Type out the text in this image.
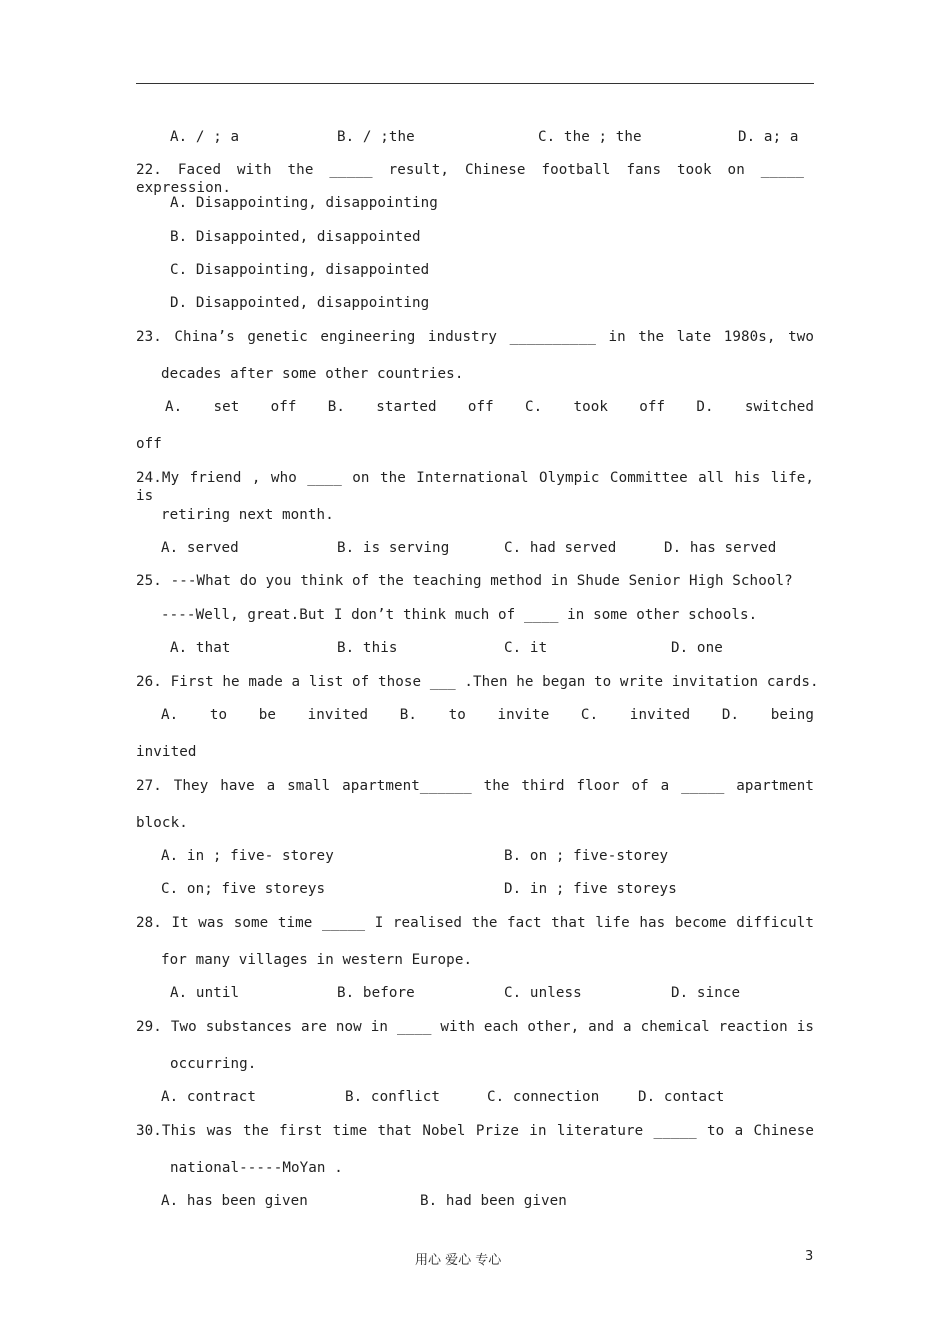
A. / ; a	B. / ;the	C. the ; the	D. a; a
22. Faced with the _____ result, Chinese football fans took on _____ expression.
A. Disappointing, disappointing
B. Disappointed, disappointed
C. Disappointing, disappointed
D. Disappointed, disappointing
23. China’s genetic engineering industry __________ in the late 1980s, two
decades after some other countries.
A. set off B. started off C. took off D. switched
off
24.My friend , who ____ on the International Olympic Committee all his life, is
retiring next month.
A. served	B. is serving	C. had served	D. has served
25. ---What do you think of the teaching method in Shude Senior High School?
----Well, great.But I don’t think much of ____ in some other schools.
A. that	B. this	C. it	D. one
26. First he made a list of those ___ .Then he began to write invitation cards.
A. to be invited B. to invite C. invited D. being
invited
27. They have a small apartment______ the third floor of a _____ apartment
block.
A. in ; five- storey	B. on ; five-storey
C. on; five storeys	D. in ; five storeys
28. It was some time _____ I realised the fact that life has become difficult
for many villages in western Europe.
A. until	B. before	C. unless	D. since
29. Two substances are now in ____ with each other, and a chemical reaction is
occurring.
A. contract	B. conflict	C. connection	D. contact
30.This was the first time that Nobel Prize in literature _____ to a Chinese
national-----MoYan .
A. has been given	B. had been given
用心 爱心 专心	3
